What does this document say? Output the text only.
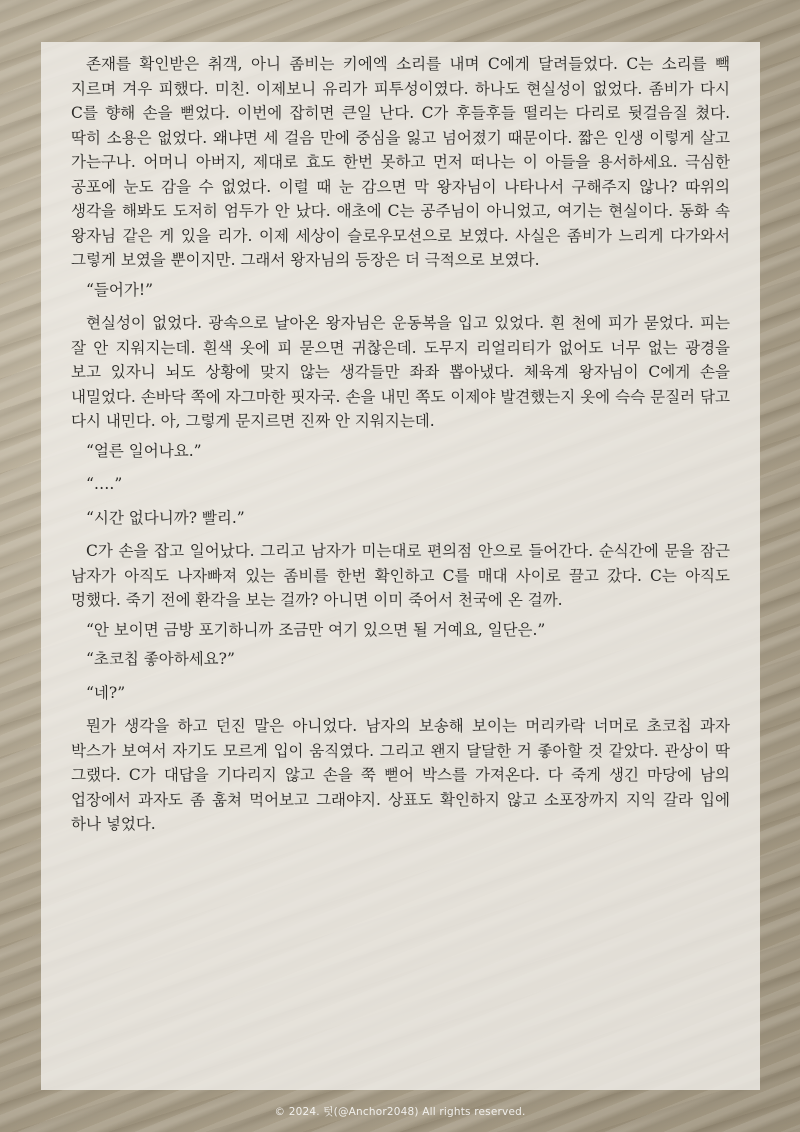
존재를 확인받은 취객, 아니 좀비는 키에엑 소리를 내며 C에게 달려들었다. C는 소리를 빽 지르며 겨우 피했다. 미친. 이제보니 유리가 피투성이였다. 하나도 현실성이 없었다. 좀비가 다시 C를 향해 손을 뻗었다. 이번에 잡히면 큰일 난다. C가 후들후들 떨리는 다리로 뒷걸음질 쳤다. 딱히 소용은 없었다. 왜냐면 세 걸음 만에 중심을 잃고 넘어졌기 때문이다. 짧은 인생 이렇게 살고 가는구나. 어머니 아버지, 제대로 효도 한번 못하고 먼저 떠나는 이 아들을 용서하세요. 극심한 공포에 눈도 감을 수 없었다. 이럴 때 눈 감으면 막 왕자님이 나타나서 구해주지 않나? 따위의 생각을 해봐도 도저히 엄두가 안 났다. 애초에 C는 공주님이 아니었고, 여기는 현실이다. 동화 속 왕자님 같은 게 있을 리가. 이제 세상이 슬로우모션으로 보였다. 사실은 좀비가 느리게 다가와서 그렇게 보였을 뿐이지만. 그래서 왕자님의 등장은 더 극적으로 보였다.

“들어가!”

현실성이 없었다. 광속으로 날아온 왕자님은 운동복을 입고 있었다. 흰 천에 피가 묻었다. 피는 잘 안 지워지는데. 흰색 옷에 피 묻으면 귀찮은데. 도무지 리얼리티가 없어도 너무 없는 광경을 보고 있자니 뇌도 상황에 맞지 않는 생각들만 좌좌 뽑아냈다. 체육계 왕자님이 C에게 손을 내밀었다. 손바닥 쪽에 자그마한 핏자국. 손을 내민 쪽도 이제야 발견했는지 옷에 슥슥 문질러 닦고 다시 내민다. 아, 그렇게 문지르면 진짜 안 지워지는데.

“얼른 일어나요.”

“….”

“시간 없다니까? 빨리.”

C가 손을 잡고 일어났다. 그리고 남자가 미는대로 편의점 안으로 들어간다. 순식간에 문을 잠근 남자가 아직도 나자빠져 있는 좀비를 한번 확인하고 C를 매대 사이로 끌고 갔다. C는 아직도 멍했다. 죽기 전에 환각을 보는 걸까? 아니면 이미 죽어서 천국에 온 걸까.

“안 보이면 금방 포기하니까 조금만 여기 있으면 될 거예요, 일단은.”

“초코칩 좋아하세요?”

“네?”

뭔가 생각을 하고 던진 말은 아니었다. 남자의 보송해 보이는 머리카락 너머로 초코칩 과자 박스가 보여서 자기도 모르게 입이 움직였다. 그리고 왠지 달달한 거 좋아할 것 같았다. 관상이 딱 그랬다. C가 대답을 기다리지 않고 손을 쭉 뻗어 박스를 가져온다. 다 죽게 생긴 마당에 남의 업장에서 과자도 좀 훔쳐 먹어보고 그래야지. 상표도 확인하지 않고 소포장까지 지익 갈라 입에 하나 넣었다.

© 2024. 텃(@Anchor2048) All rights reserved.
